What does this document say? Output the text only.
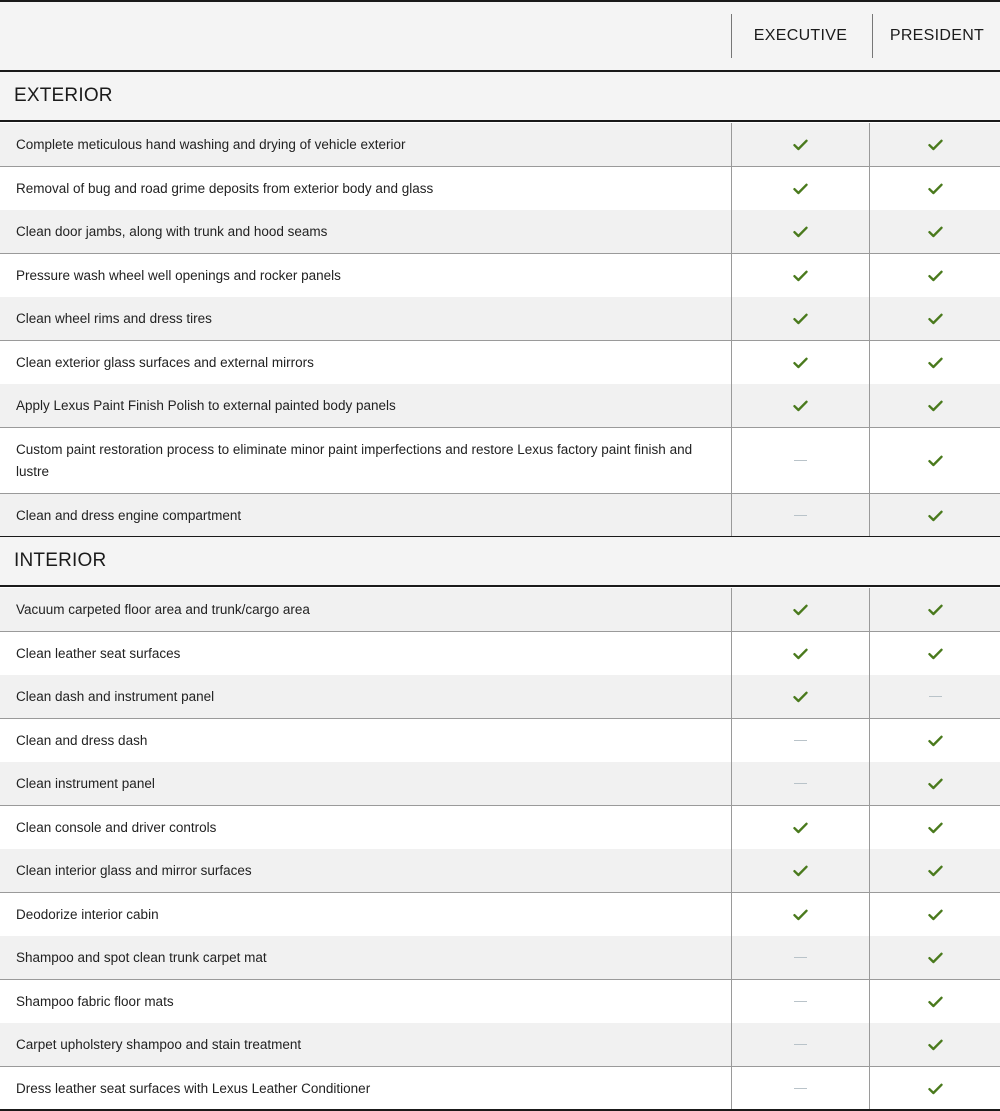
EXECUTIVE	PRESIDENT
EXTERIOR
Complete meticulous hand washing and drying of vehicle exterior
Removal of bug and road grime deposits from exterior body and glass
Clean door jambs, along with trunk and hood seams
Pressure wash wheel well openings and rocker panels
Clean wheel rims and dress tires
Clean exterior glass surfaces and external mirrors
Apply Lexus Paint Finish Polish to external painted body panels
Custom paint restoration process to eliminate minor paint imperfections and restore Lexus factory paint finish and lustre
Clean and dress engine compartment
INTERIOR
Vacuum carpeted floor area and trunk/cargo area
Clean leather seat surfaces
Clean dash and instrument panel
Clean and dress dash
Clean instrument panel
Clean console and driver controls
Clean interior glass and mirror surfaces
Deodorize interior cabin
Shampoo and spot clean trunk carpet mat
Shampoo fabric floor mats
Carpet upholstery shampoo and stain treatment
Dress leather seat surfaces with Lexus Leather Conditioner
